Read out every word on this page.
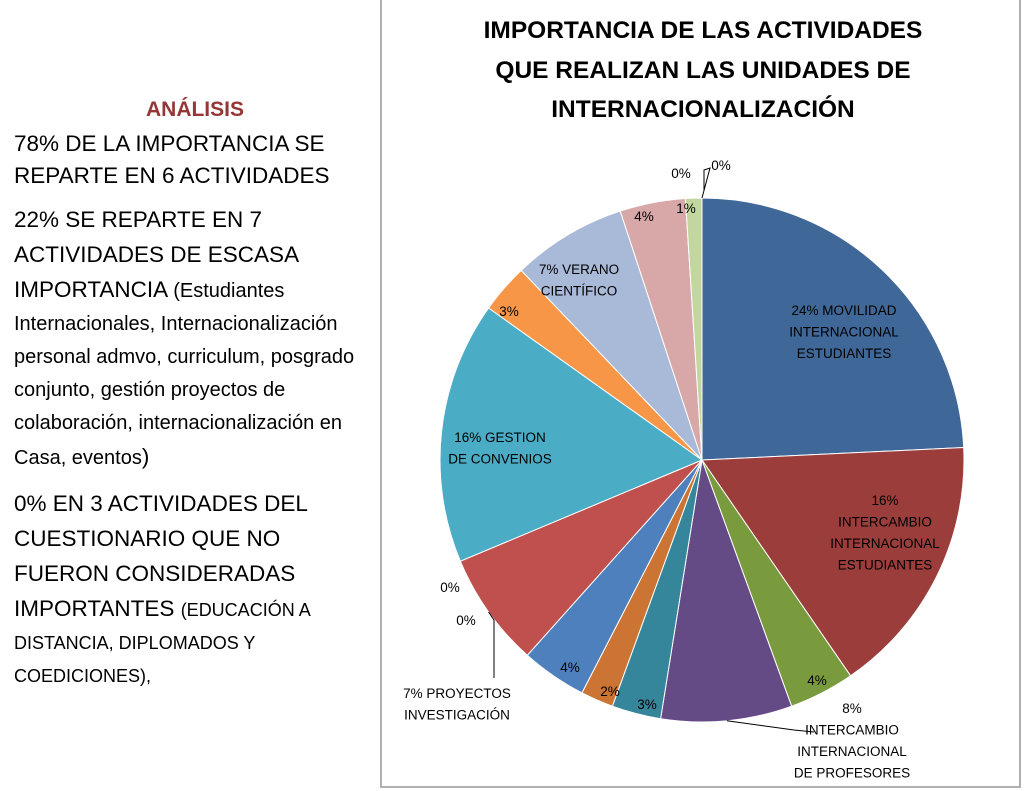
ANÁLISIS

78% DE LA IMPORTANCIA SE REPARTE EN 6 ACTIVIDADES

22% SE REPARTE EN 7 ACTIVIDADES DE ESCASA IMPORTANCIA (Estudiantes Internacionales, Internacionalización personal admvo, curriculum, posgrado conjunto, gestión proyectos de colaboración, internacionalización en Casa, eventos)

0% EN 3 ACTIVIDADES DEL CUESTIONARIO QUE NO FUERON CONSIDERADAS IMPORTANTES (EDUCACIÓN A DISTANCIA, DIPLOMADOS Y COEDICIONES),

IMPORTANCIA DE LAS ACTIVIDADES
QUE REALIZAN LAS UNIDADES DE
INTERNACIONALIZACIÓN
24% MOVILIDAD
INTERNACIONAL
ESTUDIANTES
16%
INTERCAMBIO
INTERNACIONAL
ESTUDIANTES
4%
8%
INTERCAMBIO
INTERNACIONAL
DE PROFESORES
3%
2%
4%
7% PROYECTOS
INVESTIGACIÓN
0%
0%
16% GESTION
DE CONVENIOS
3%
7% VERANO
CIENTÍFICO
4%
1%
0%
0%
